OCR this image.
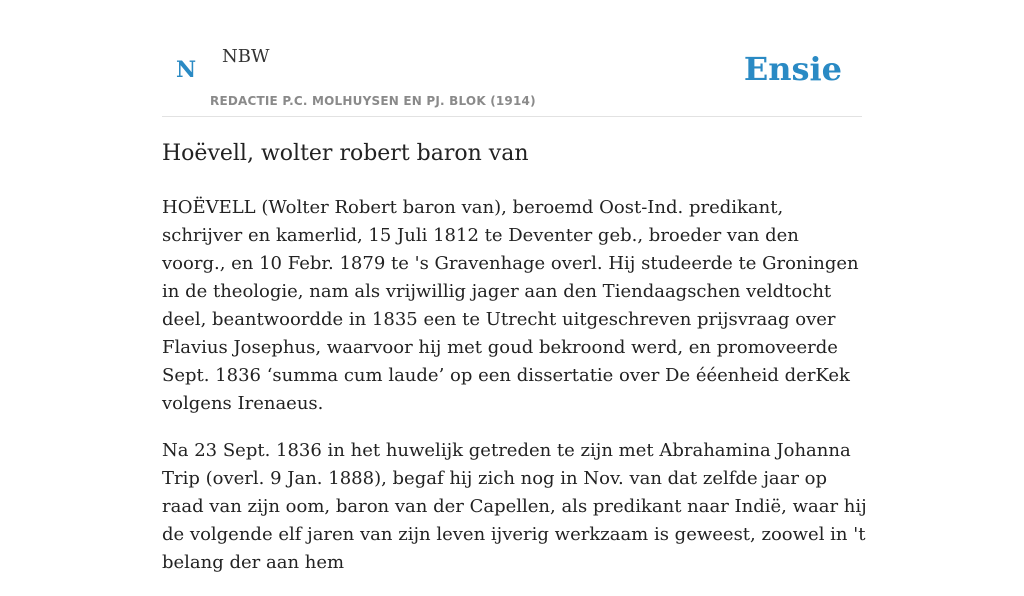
N
NBW
REDACTIE P.C. MOLHUYSEN EN PJ. BLOK (1914)
Ensie
Hoëvell, wolter robert baron van

HOËVELL (Wolter Robert baron van), beroemd Oost-Ind. predikant, schrijver en kamerlid, 15 Juli 1812 te Deventer geb., broeder van den voorg., en 10 Febr. 1879 te 's Gravenhage overl. Hij studeerde te Groningen in de theologie, nam als vrijwillig jager aan den Tiendaagschen veldtocht deel, beantwoordde in 1835 een te Utrecht uitgeschreven prijsvraag over Flavius Josephus, waarvoor hij met goud bekroond werd, en promoveerde Sept. 1836 ‘summa cum laude’ op een dissertatie over De ééenheid derKek volgens Irenaeus.

Na 23 Sept. 1836 in het huwelijk getreden te zijn met Abrahamina Johanna Trip (overl. 9 Jan. 1888), begaf hij zich nog in Nov. van dat zelfde jaar op raad van zijn oom, baron van der Capellen, als predikant naar Indië, waar hij de volgende elf jaren van zijn leven ijverig werkzaam is geweest, zoowel in 't belang der aan hem
